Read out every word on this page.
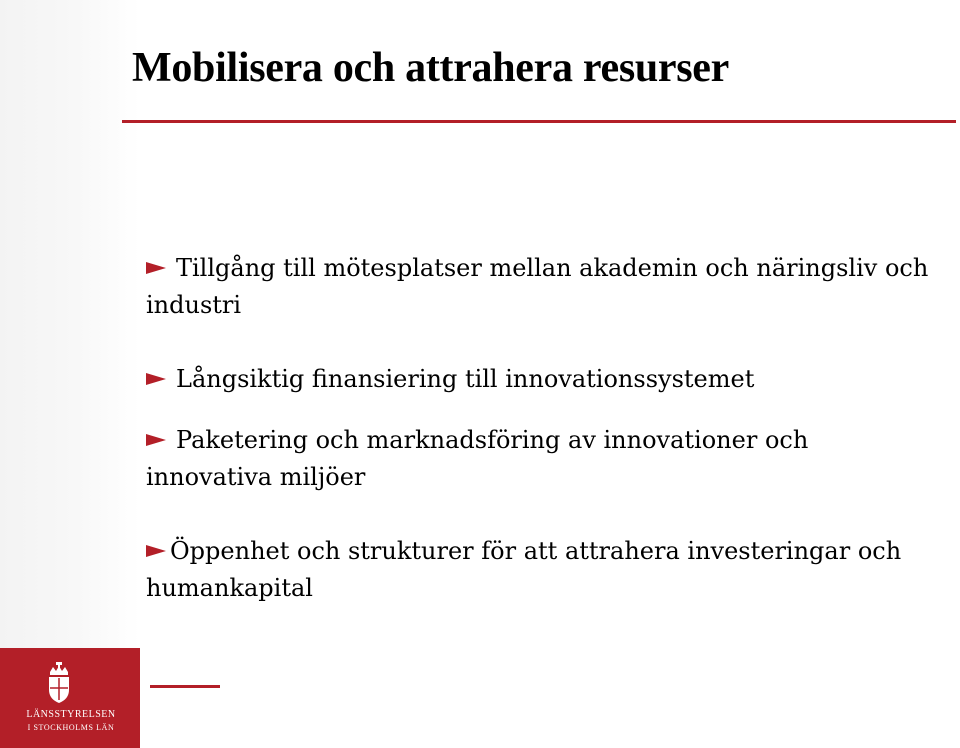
LÄNSSTYRELSEN
I STOCKHOLMS LÄN
Mobilisera och attrahera resurser
Tillgång till mötesplatser mellan akademin och näringsliv och industri
Långsiktig finansiering till innovationssystemet
Paketering och marknadsföring av innovationer och innovativa miljöer
Öppenhet och strukturer för att attrahera investeringar och humankapital
